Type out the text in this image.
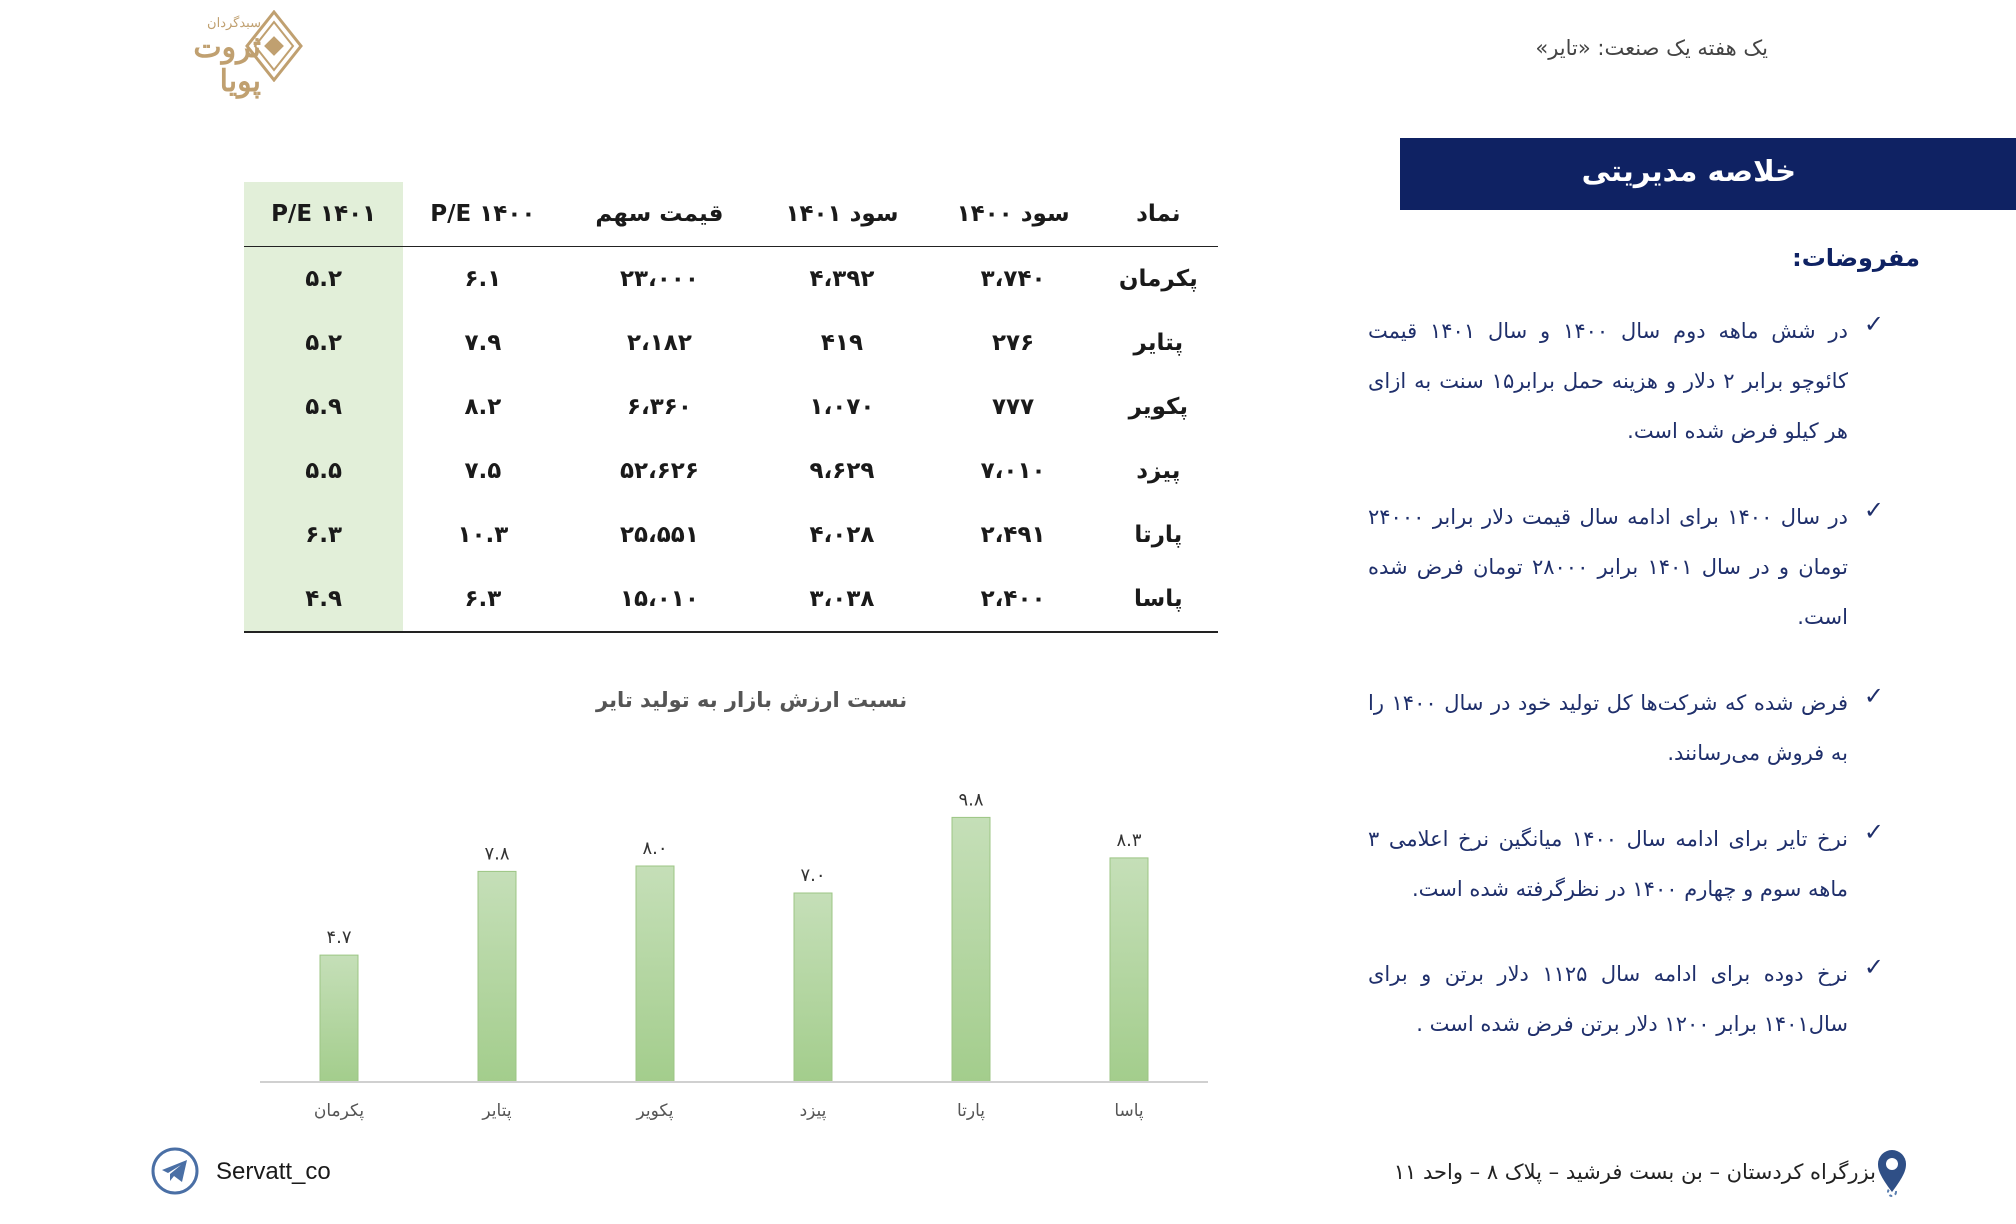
سبدگردان
ثروت پویا
یک هفته یک صنعت: «تایر»
خلاصه مدیریتی
مفروضات:
✓
در شش ماهه دوم سال ۱۴۰۰ و سال ۱۴۰۱ قیمت کائوچو برابر ۲ دلار و هزینه حمل برابر۱۵ سنت به ازای هر کیلو فرض شده است.
✓
در سال ۱۴۰۰ برای ادامه سال قیمت دلار برابر ۲۴۰۰۰ تومان و در سال ۱۴۰۱ برابر ۲۸۰۰۰ تومان فرض شده است.
✓
فرض شده که شرکت‌ها کل تولید خود در سال ۱۴۰۰ را به فروش می‌رسانند.
✓
نرخ تایر برای ادامه سال ۱۴۰۰ میانگین نرخ اعلامی ۳ ماهه سوم و چهارم ۱۴۰۰ در نظرگرفته شده است.
✓
نرخ دوده برای ادامه سال ۱۱۲۵ دلار برتن و برای سال۱۴۰۱ برابر ۱۲۰۰ دلار برتن فرض شده است .
نماد	سود ۱۴۰۰	سود ۱۴۰۱	قیمت سهم	P/E ۱۴۰۰	P/E ۱۴۰۱
پکرمان	۳،۷۴۰	۴،۳۹۲	۲۳،۰۰۰	۶.۱	۵.۲
پتایر	۲۷۶	۴۱۹	۲،۱۸۲	۷.۹	۵.۲
پکویر	۷۷۷	۱،۰۷۰	۶،۳۶۰	۸.۲	۵.۹
پیزد	۷،۰۱۰	۹،۶۲۹	۵۲،۶۲۶	۷.۵	۵.۵
پارتا	۲،۴۹۱	۴،۰۲۸	۲۵،۵۵۱	۱۰.۳	۶.۳
پاسا	۲،۴۰۰	۳،۰۳۸	۱۵،۰۱۰	۶.۳	۴.۹
نسبت ارزش بازار به تولید تایر
۴.۷
پکرمان
۷.۸
پتایر
۸.۰
پکویر
۷.۰
پیزد
۹.۸
پارتا
۸.۳
پاسا
Servatt_co	بزرگراه کردستان – بن بست فرشید – پلاک ۸ – واحد ۱۱
